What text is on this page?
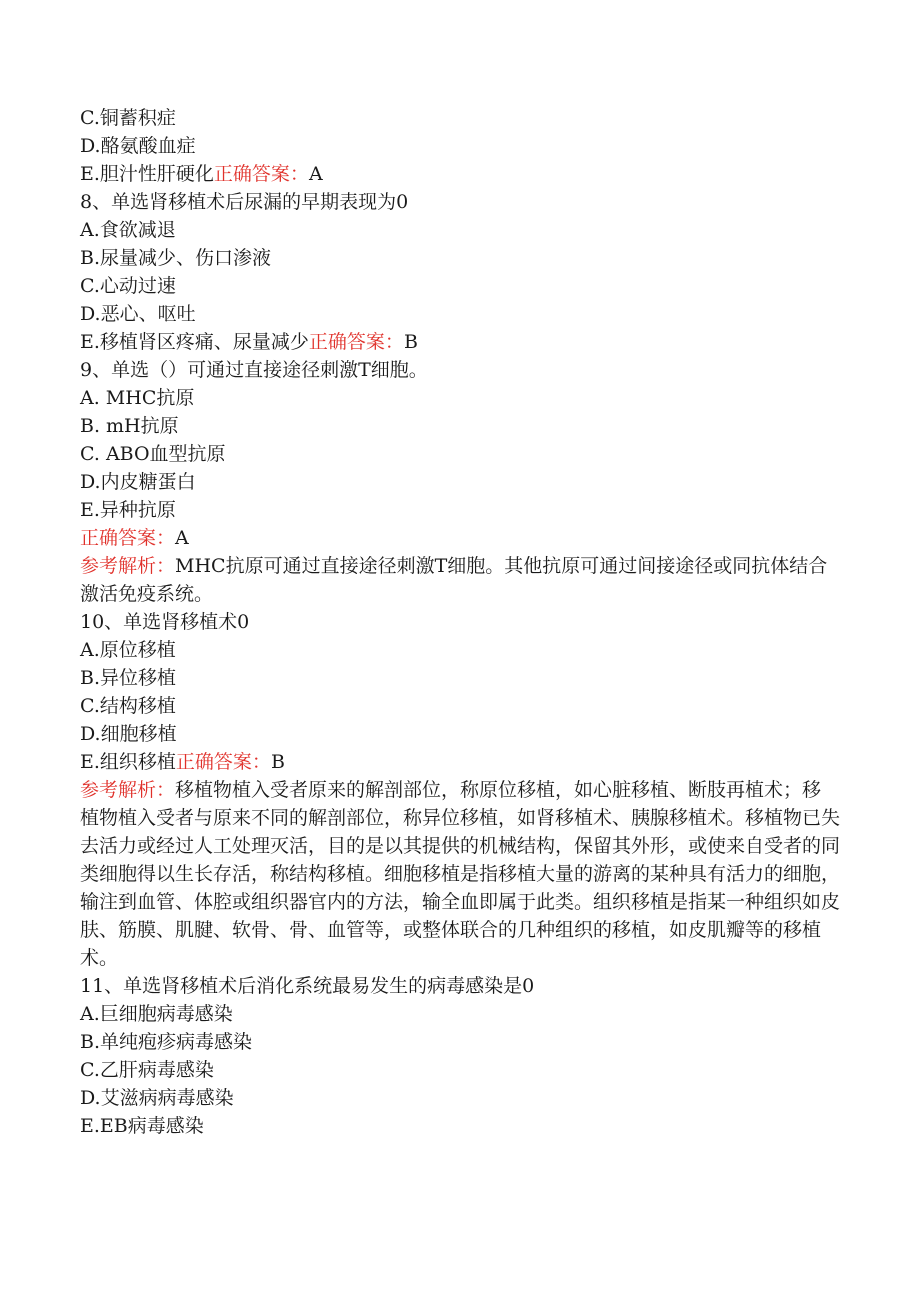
C.铜蓄积症
D.酪氨酸血症
E.胆汁性肝硬化正确答案：A
8、单选肾移植术后尿漏的早期表现为0
A.食欲减退
B.尿量减少、伤口渗液
C.心动过速
D.恶心、呕吐
E.移植肾区疼痛、尿量减少正确答案：B
9、单选（）可通过直接途径刺激T细胞。
A. MHC抗原
B. mH抗原
C. ABO血型抗原
D.内皮糖蛋白
E.异种抗原
正确答案：A
参考解析：MHC抗原可通过直接途径刺激T细胞。其他抗原可通过间接途径或同抗体结合激活免疫系统。
10、单选肾移植术0
A.原位移植
B.异位移植
C.结构移植
D.细胞移植
E.组织移植正确答案：B
参考解析：移植物植入受者原来的解剖部位，称原位移植，如心脏移植、断肢再植术；移植物植入受者与原来不同的解剖部位，称异位移植，如肾移植术、胰腺移植术。移植物已失去活力或经过人工处理灭活，目的是以其提供的机械结构，保留其外形，或使来自受者的同类细胞得以生长存活，称结构移植。细胞移植是指移植大量的游离的某种具有活力的细胞，输注到血管、体腔或组织器官内的方法，输全血即属于此类。组织移植是指某一种组织如皮肤、筋膜、肌腱、软骨、骨、血管等，或整体联合的几种组织的移植，如皮肌瓣等的移植术。
11、单选肾移植术后消化系统最易发生的病毒感染是0
A.巨细胞病毒感染
B.单纯疱疹病毒感染
C.乙肝病毒感染
D.艾滋病病毒感染
E.EB病毒感染
